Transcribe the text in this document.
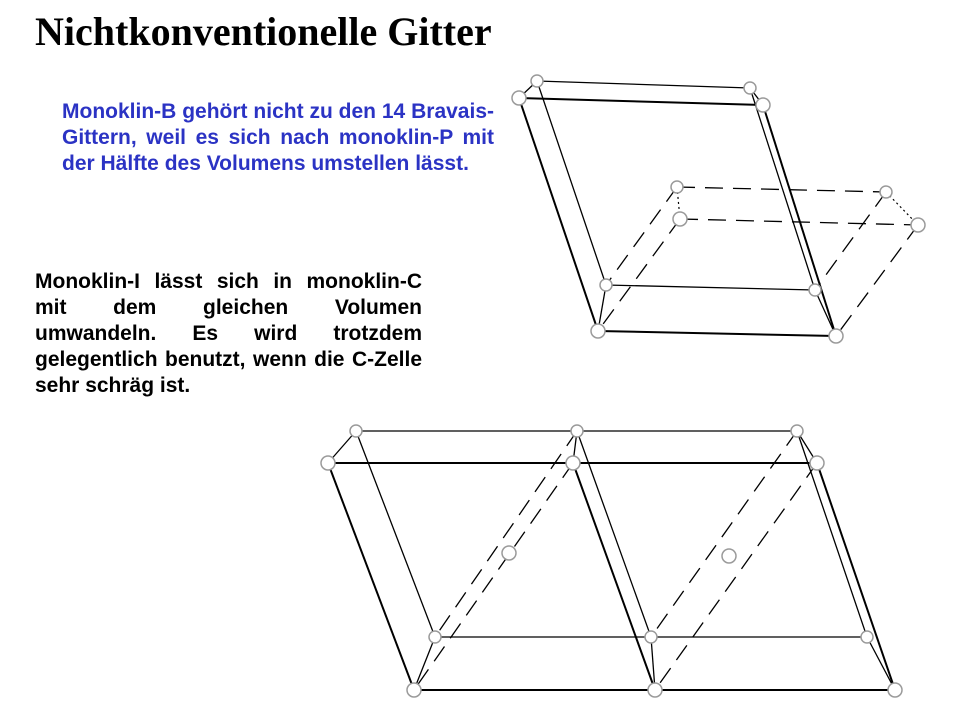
Nichtkonventionelle Gitter

Monoklin-B gehört nicht zu den 14 Bravais-Gittern, weil es sich nach monoklin-P mit der Hälfte des Volumens umstellen lässt.

Monoklin-I lässt sich in monoklin-C mit dem gleichen Volumen umwandeln. Es wird trotzdem gelegentlich benutzt, wenn die C-Zelle sehr schräg ist.
